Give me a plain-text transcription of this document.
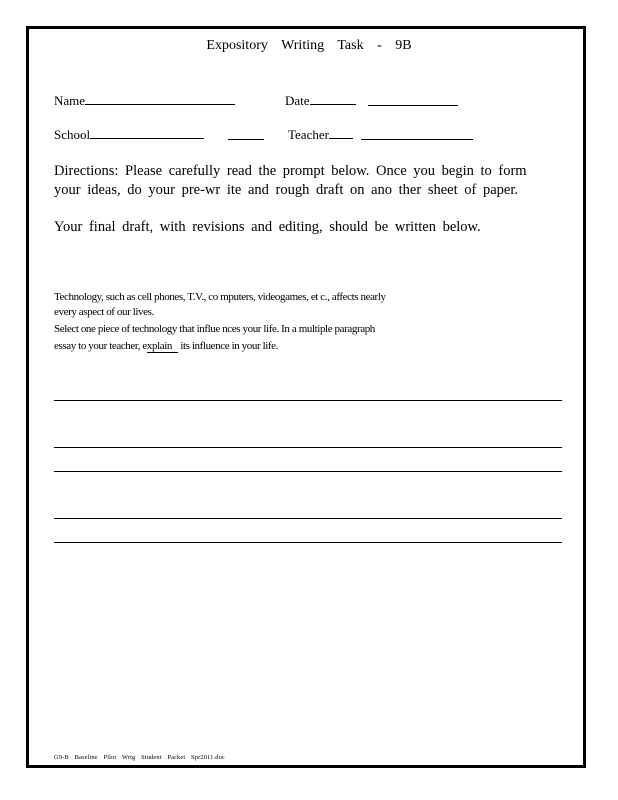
Expository Writing Task - 9B
Name	Date
School	Teacher
Directions: Please carefully read the prompt below. Once you begin to form
your ideas, do your pre-wr ite and rough draft on ano ther sheet of paper.
Your final draft, with revisions and editing, should be written below.
Technology, such as cell phones, T.V., co mputers, videogames, et c., affects nearly
every aspect of our lives.
Select one piece of technology that influe nces your life. In a multiple paragraph
essay to your teacher, explain its influence in your life.
G9-B Baseline Pilot Wrtg Student Packet Spr2011.doc
